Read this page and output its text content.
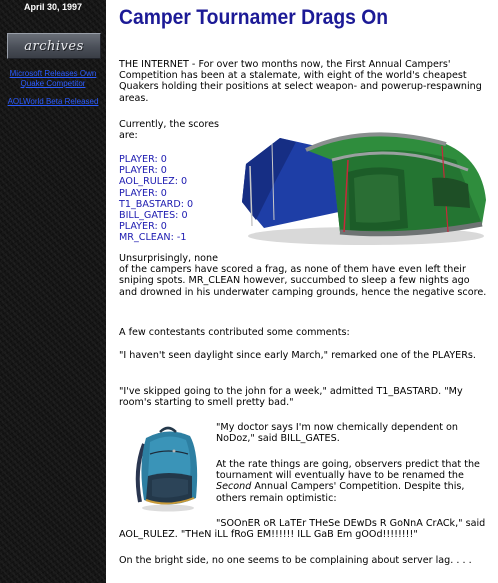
April 30, 1997
archives
Microsoft Releases Own Quake Competitor
AOLWorld Beta Released
Camper Tournamer Drags On
THE INTERNET - For over two months now, the First Annual Campers' Competition has been at a stalemate, with eight of the world's cheapest Quakers holding their positions at select weapon- and powerup-respawning areas.
Currently, the scores
are:
PLAYER: 0
PLAYER: 0
AOL_RULEZ: 0
PLAYER: 0
T1_BASTARD: 0
BILL_GATES: 0
PLAYER: 0
MR_CLEAN: -1
Unsurprisingly, none
of the campers have scored a frag, as none of them have even left their sniping spots. MR_CLEAN however, succumbed to sleep a few nights ago and drowned in his underwater camping grounds, hence the negative score.
A few contestants contributed some comments:
"I haven't seen daylight since early March," remarked one of the PLAYERs.
"I've skipped going to the john for a week," admitted T1_BASTARD. "My room's starting to smell pretty bad."
"My doctor says I'm now chemically dependent on NoDoz," said BILL_GATES.
At the rate things are going, observers predict that the tournament will eventually have to be renamed the Second Annual Campers' Competition. Despite this, others remain optimistic:
"SOOnER oR LaTEr THeSe DEwDs R GoNnA CrACk," said AOL_RULEZ. "THeN iLL fRoG EM!!!!!! ILL GaB Em gOOd!!!!!!!!"
On the bright side, no one seems to be complaining about server lag. . . .
